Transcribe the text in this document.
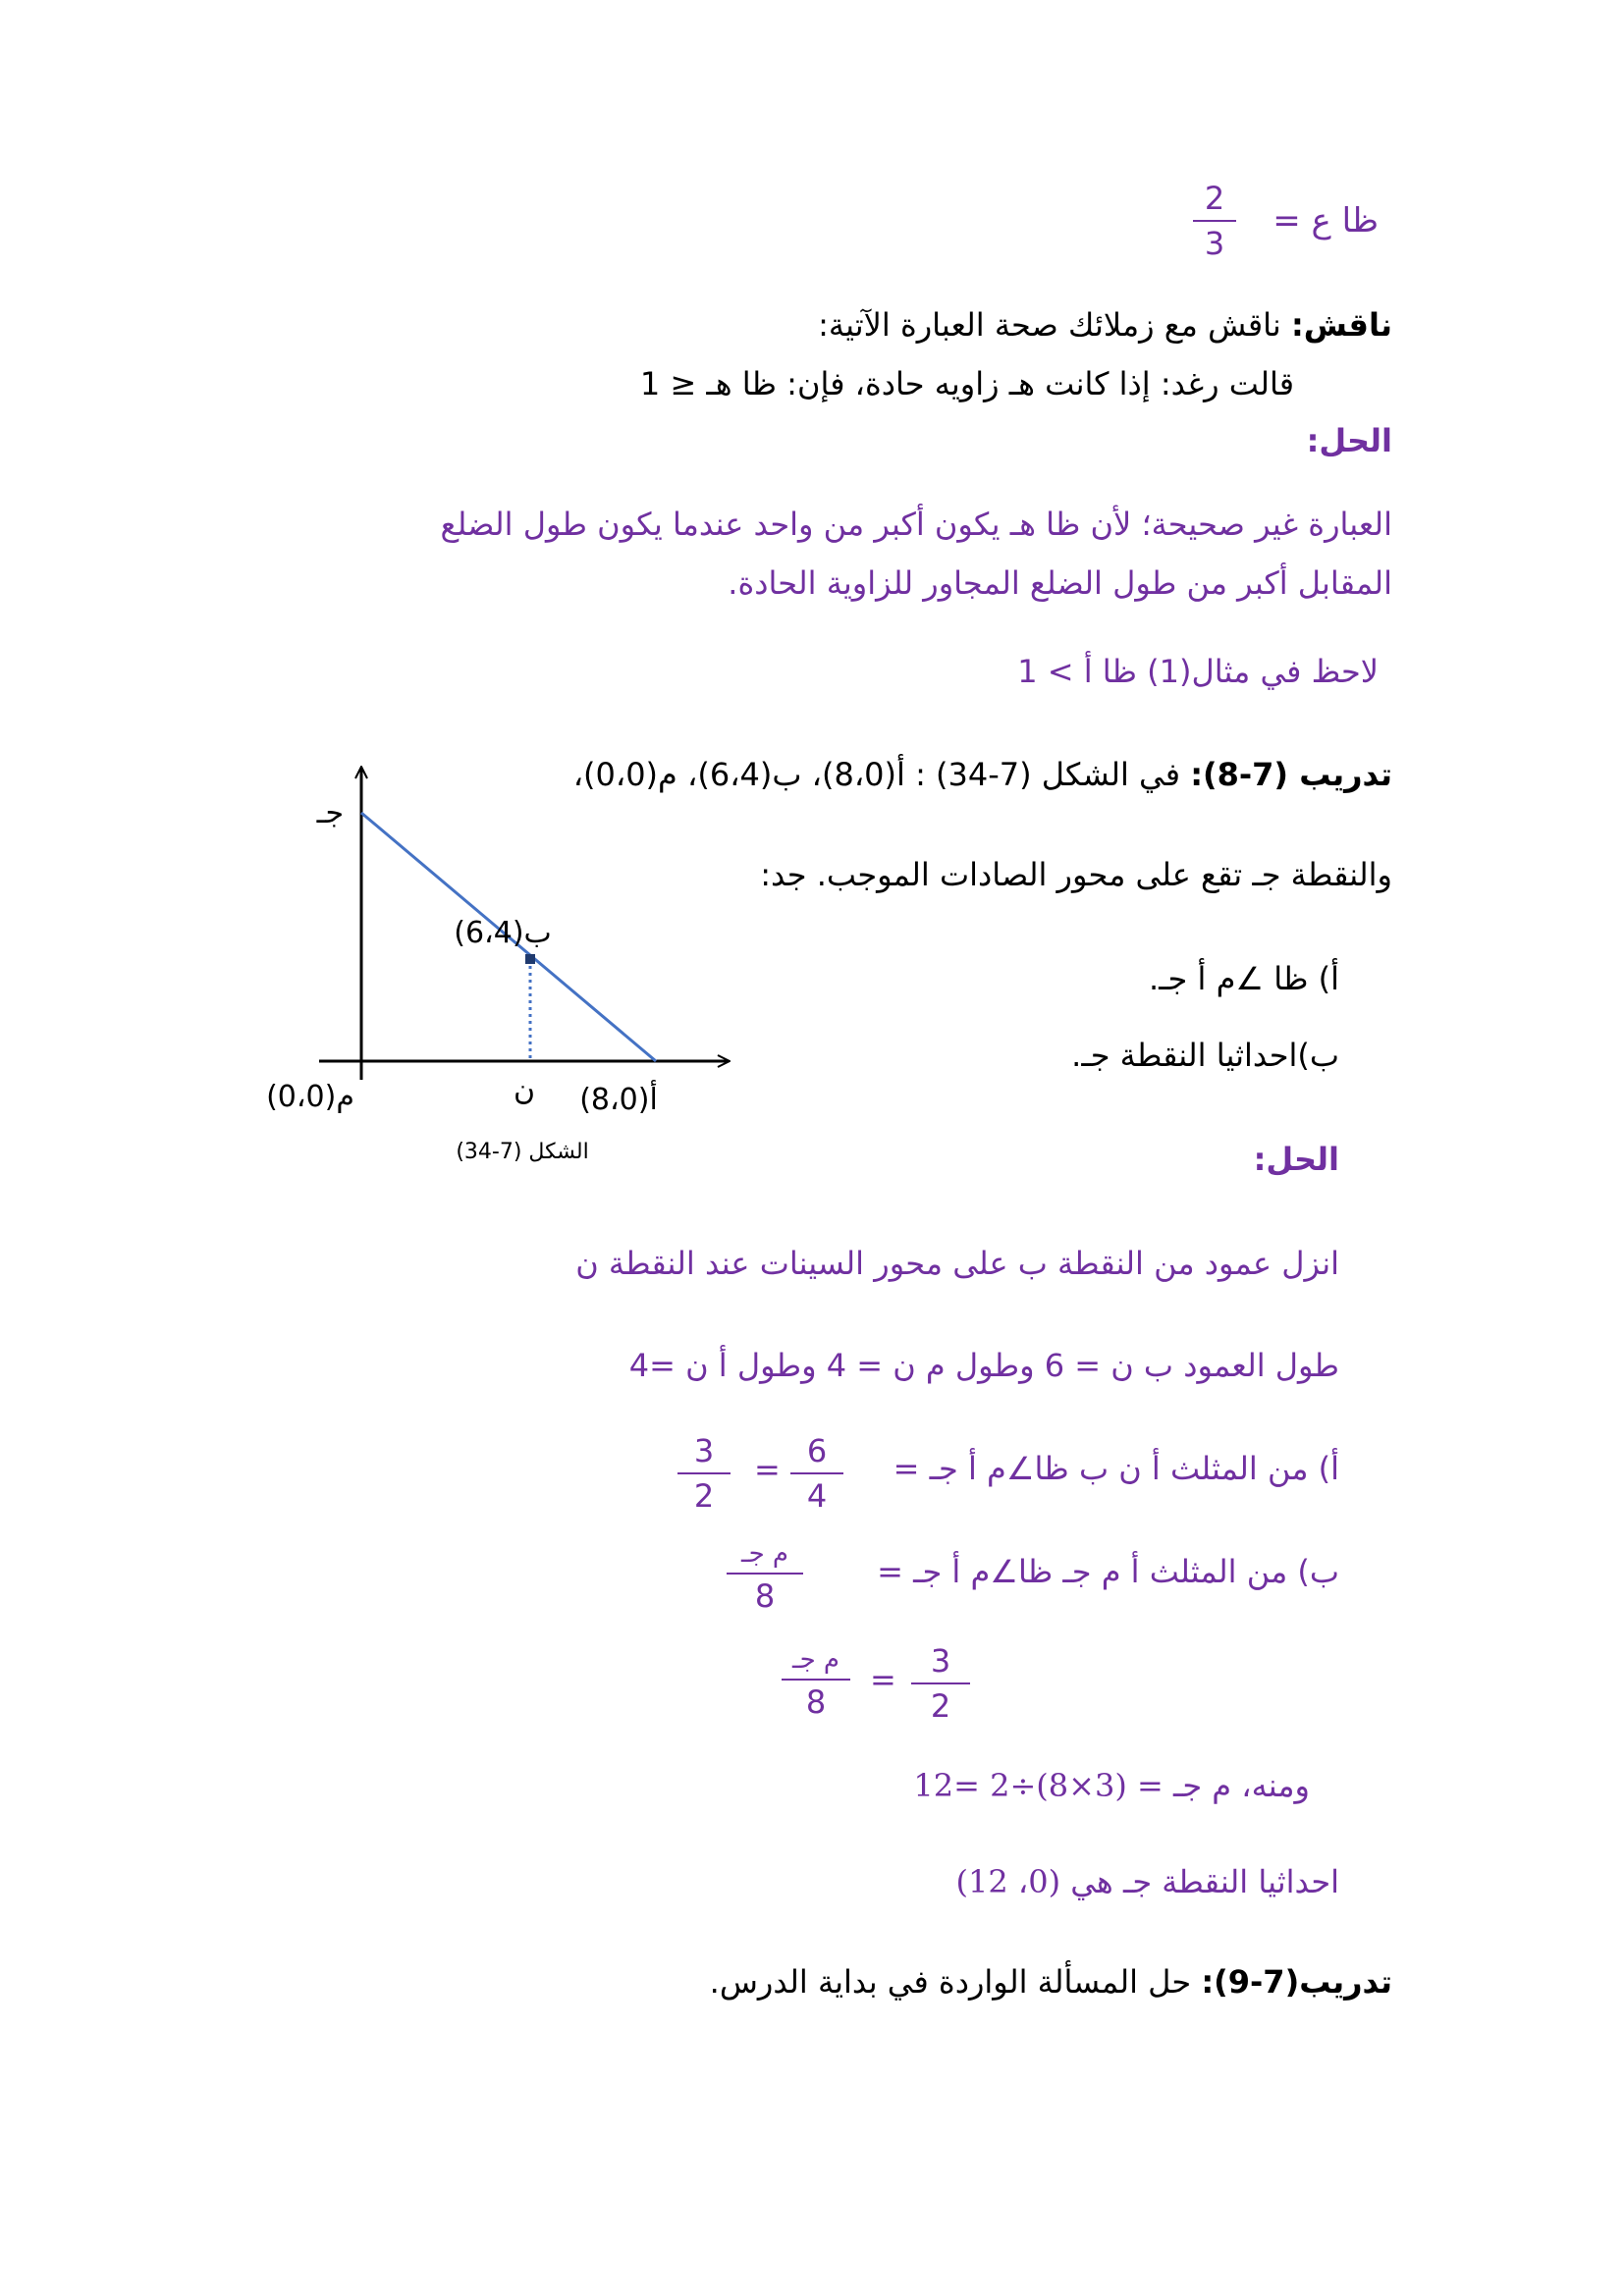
ظا ع =
2
3
ناقش: ناقش مع زملائك صحة العبارة الآتية:
قالت رغد: إذا كانت هـ زاويه حادة، فإن: ظا هـ ≤ 1
الحل:
العبارة غير صحيحة؛ لأن ظا هـ يكون أكبر من واحد عندما يكون طول الضلع
المقابل أكبر من طول الضلع المجاور للزاوية الحادة.
لاحظ في مثال(1) ظا أ > 1
تدريب (7-8): في الشكل (7-34) : أ(8،0)، ب(6،4)، م(0،0)،
والنقطة جـ تقع على محور الصادات الموجب. جد:
أ) ظا ∠م أ جـ.
ب)احداثيا النقطة جـ.
جـ
ب(6،4)
ن
م(0،0)	أ(8،0)
الشكل (7-34)	الحل:
انزل عمود من النقطة ب على محور السينات عند النقطة ن
طول العمود ب ن = 6 وطول م ن = 4 وطول أ ن =4
أ) من المثلث أ ن ب ظا∠م أ جـ =
6
4
=
3
2
ب) من المثلث أ م جـ ظا∠م أ جـ =
م جـ
8
م جـ
8
=	3
2
ومنه، م جـ = (3×8)÷2 =12
احداثيا النقطة جـ هي (0، 12)
تدريب(7-9): حل المسألة الواردة في بداية الدرس.
